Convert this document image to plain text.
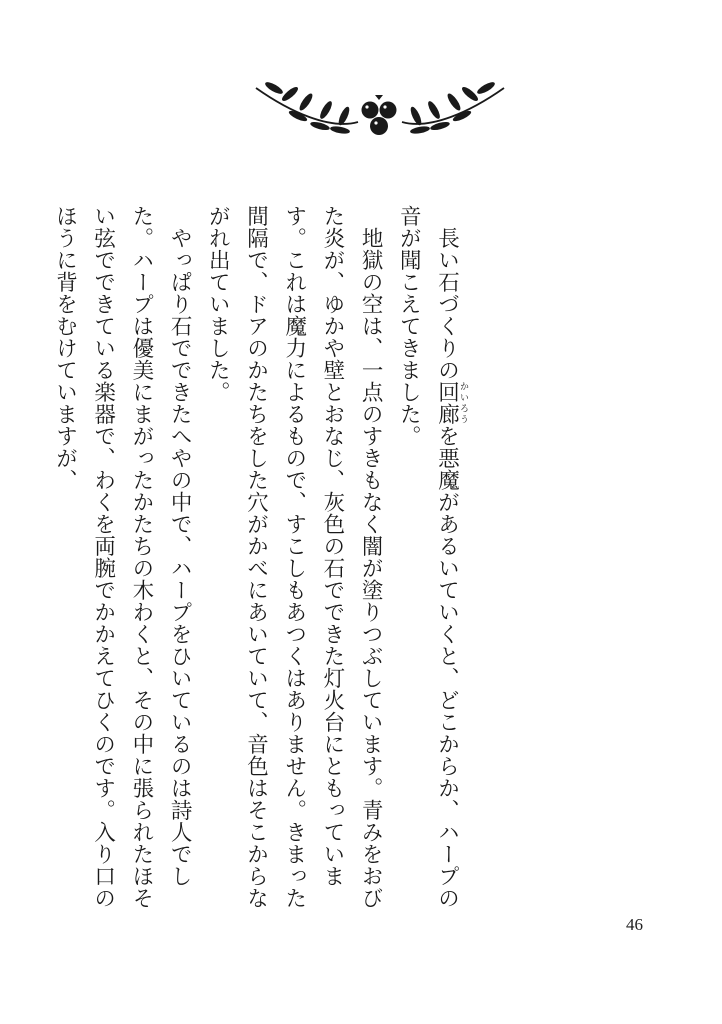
長い石づくりの回廊かいろうを悪魔があるいていくと、どこからか、ハープの音が聞こえてきました。

地獄の空は、一点のすきもなく闇が塗りつぶしています。青みをおびた炎が、ゆかや壁とおなじ、灰色の石でできた灯火台にともっています。これは魔力によるもので、すこしもあつくはありません。きまった間隔で、ドアのかたちをした穴がかべにあいていて、音色はそこからながれ出ていました。

やっぱり石でできたへやの中で、ハープをひいているのは詩人でした。ハープは優美にまがったかたちの木わくと、その中に張られたほそい弦でできている楽器で、わくを両腕でかかえてひくのです。入り口のほうに背をむけていますが、

46
